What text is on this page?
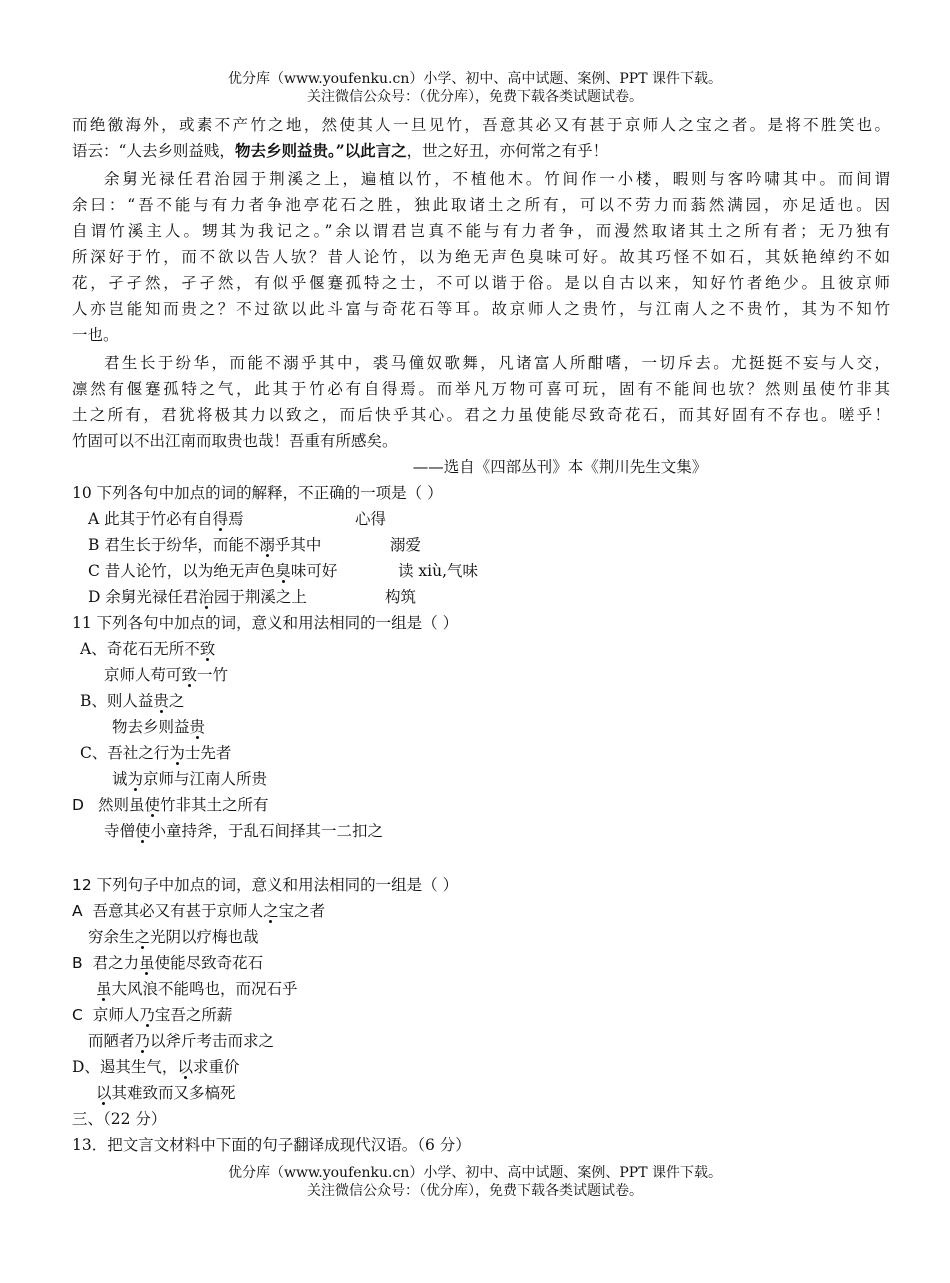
优分库（www.youfenku.cn）小学、初中、高中试题、案例、PPT 课件下载。
关注微信公众号：（优分库），免费下载各类试题试卷。
而绝徼海外，或素不产竹之地，然使其人一旦见竹，吾意其必又有甚于京师人之宝之者。是将不胜笑也。
语云：“人去乡则益贱，物去乡则益贵。”以此言之，世之好丑，亦何常之有乎！
余舅光禄任君治园于荆溪之上，遍植以竹，不植他木。竹间作一小楼，暇则与客吟啸其中。而间谓
余曰：“吾不能与有力者争池亭花石之胜，独此取诸土之所有，可以不劳力而蓊然满园，亦足适也。因
自谓竹溪主人。甥其为我记之。”余以谓君岂真不能与有力者争，而漫然取诸其土之所有者；无乃独有
所深好于竹，而不欲以告人欤？昔人论竹，以为绝无声色臭味可好。故其巧怪不如石，其妖艳绰约不如
花，孑孑然，孑孑然，有似乎偃蹇孤特之士，不可以谐于俗。是以自古以来，知好竹者绝少。且彼京师
人亦岂能知而贵之？不过欲以此斗富与奇花石等耳。故京师人之贵竹，与江南人之不贵竹，其为不知竹
一也。
君生长于纷华，而能不溺乎其中，裘马僮奴歌舞，凡诸富人所酣嗜，一切斥去。尤挺挺不妄与人交，
凛然有偃蹇孤特之气，此其于竹必有自得焉。而举凡万物可喜可玩，固有不能间也欤？然则虽使竹非其
土之所有，君犹将极其力以致之，而后快乎其心。君之力虽使能尽致奇花石，而其好固有不存也。嗟乎！
竹固可以不出江南而取贵也哉！吾重有所感矣。
——选自《四部丛刊》本《荆川先生文集》
10 下列各句中加点的词的解释，不正确的一项是（ ）
A 此其于竹必有自得焉	心得
B 君生长于纷华，而能不溺乎其中	溺爱
C 昔人论竹，以为绝无声色臭味可好	读 xiù,气味
D 余舅光禄任君治园于荆溪之上	构筑
11 下列各句中加点的词，意义和用法相同的一组是（ ）
A、奇花石无所不致
京师人苟可致一竹
B、则人益贵之
物去乡则益贵
C、吾社之行为士先者
诚为京师与江南人所贵
D 然则虽使竹非其土之所有
寺僧使小童持斧，于乱石间择其一二扣之
12 下列句子中加点的词，意义和用法相同的一组是（ ）
A 吾意其必又有甚于京师人之宝之者
穷余生之光阴以疗梅也哉
B 君之力虽使能尽致奇花石
虽大风浪不能鸣也，而况石乎
C 京师人乃宝吾之所薪
而陋者乃以斧斤考击而求之
D、遏其生气，以求重价
以其难致而又多槁死
三、（22 分）
13．把文言文材料中下面的句子翻译成现代汉语。（6 分）
优分库（www.youfenku.cn）小学、初中、高中试题、案例、PPT 课件下载。
关注微信公众号：（优分库），免费下载各类试题试卷。
